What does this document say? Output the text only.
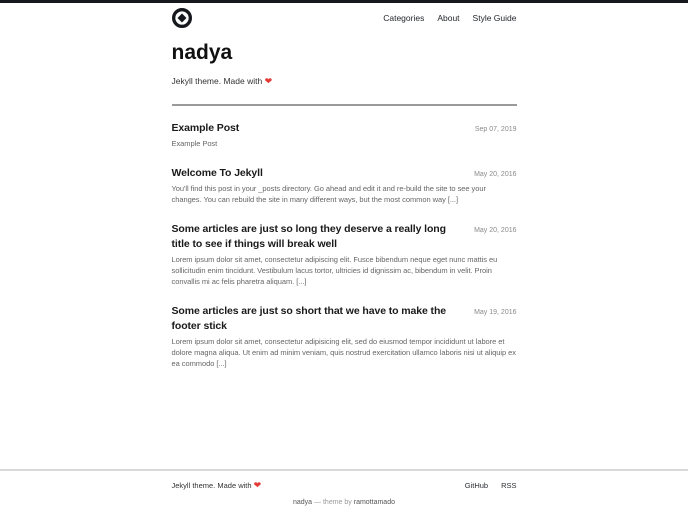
Categories About Style Guide
nadya

Jekyll theme. Made with ❤

Example Post	Sep 07, 2019

Example Post

Welcome To Jekyll	May 20, 2016

You'll find this post in your _posts directory. Go ahead and edit it and re-build the site to see your changes. You can rebuild the site in many different ways, but the most common way [...]

Some articles are just so long they deserve a really long title to see if things will break well
May 20, 2016

Lorem ipsum dolor sit amet, consectetur adipiscing elit. Fusce bibendum neque eget nunc mattis eu sollicitudin enim tincidunt. Vestibulum lacus tortor, ultricies id dignissim ac, bibendum in velit. Proin convallis mi ac felis pharetra aliquam. [...]

Some articles are just so short that we have to make the footer stick
May 19, 2016

Lorem ipsum dolor sit amet, consectetur adipisicing elit, sed do eiusmod tempor incididunt ut labore et dolore magna aliqua. Ut enim ad minim veniam, quis nostrud exercitation ullamco laboris nisi ut aliquip ex ea commodo [...]

Jekyll theme. Made with ❤	GitHub RSS
nadya — theme by ramottamado
